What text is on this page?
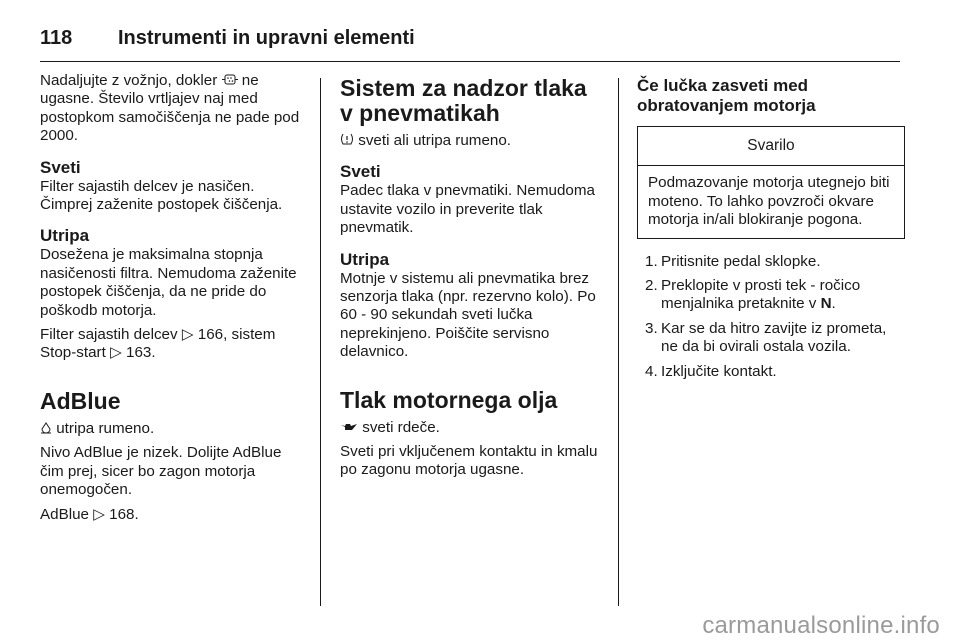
118	Instrumenti in upravni elementi

Nadaljujte z vožnjo, dokler ne ugasne. Število vrtljajev naj med postopkom samočiščenja ne pade pod 2000.

Sveti

Filter sajastih delcev je nasičen. Čimprej zaženite postopek čiščenja.

Utripa

Dosežena je maksimalna stopnja nasičenosti filtra. Nemudoma zaženite postopek čiščenja, da ne pride do poškodb motorja.

Filter sajastih delcev ▷ 166, sistem Stop-start ▷ 163.

AdBlue

utripa rumeno.

Nivo AdBlue je nizek. Dolijte AdBlue čim prej, sicer bo zagon motorja onemogočen.

AdBlue ▷ 168.

Sistem za nadzor tlaka v pnevmatikah

sveti ali utripa rumeno.

Sveti

Padec tlaka v pnevmatiki. Nemudoma ustavite vozilo in preverite tlak pnevmatik.

Utripa

Motnje v sistemu ali pnevmatika brez senzorja tlaka (npr. rezervno kolo). Po 60 - 90 sekundah sveti lučka neprekinjeno. Poiščite servisno delavnico.

Tlak motornega olja

sveti rdeče.

Sveti pri vključenem kontaktu in kmalu po zagonu motorja ugasne.

Če lučka zasveti med obratovanjem motorja
Svarilo
Podmazovanje motorja utegnejo biti moteno. To lahko povzroči okvare motorja in/ali blokiranje pogona.
1. Pritisnite pedal sklopke.
2. Preklopite v prosti tek - ročico menjalnika pretaknite v N.
3. Kar se da hitro zavijte iz prometa, ne da bi ovirali ostala vozila.
4. Izključite kontakt.
carmanualsonline.info
